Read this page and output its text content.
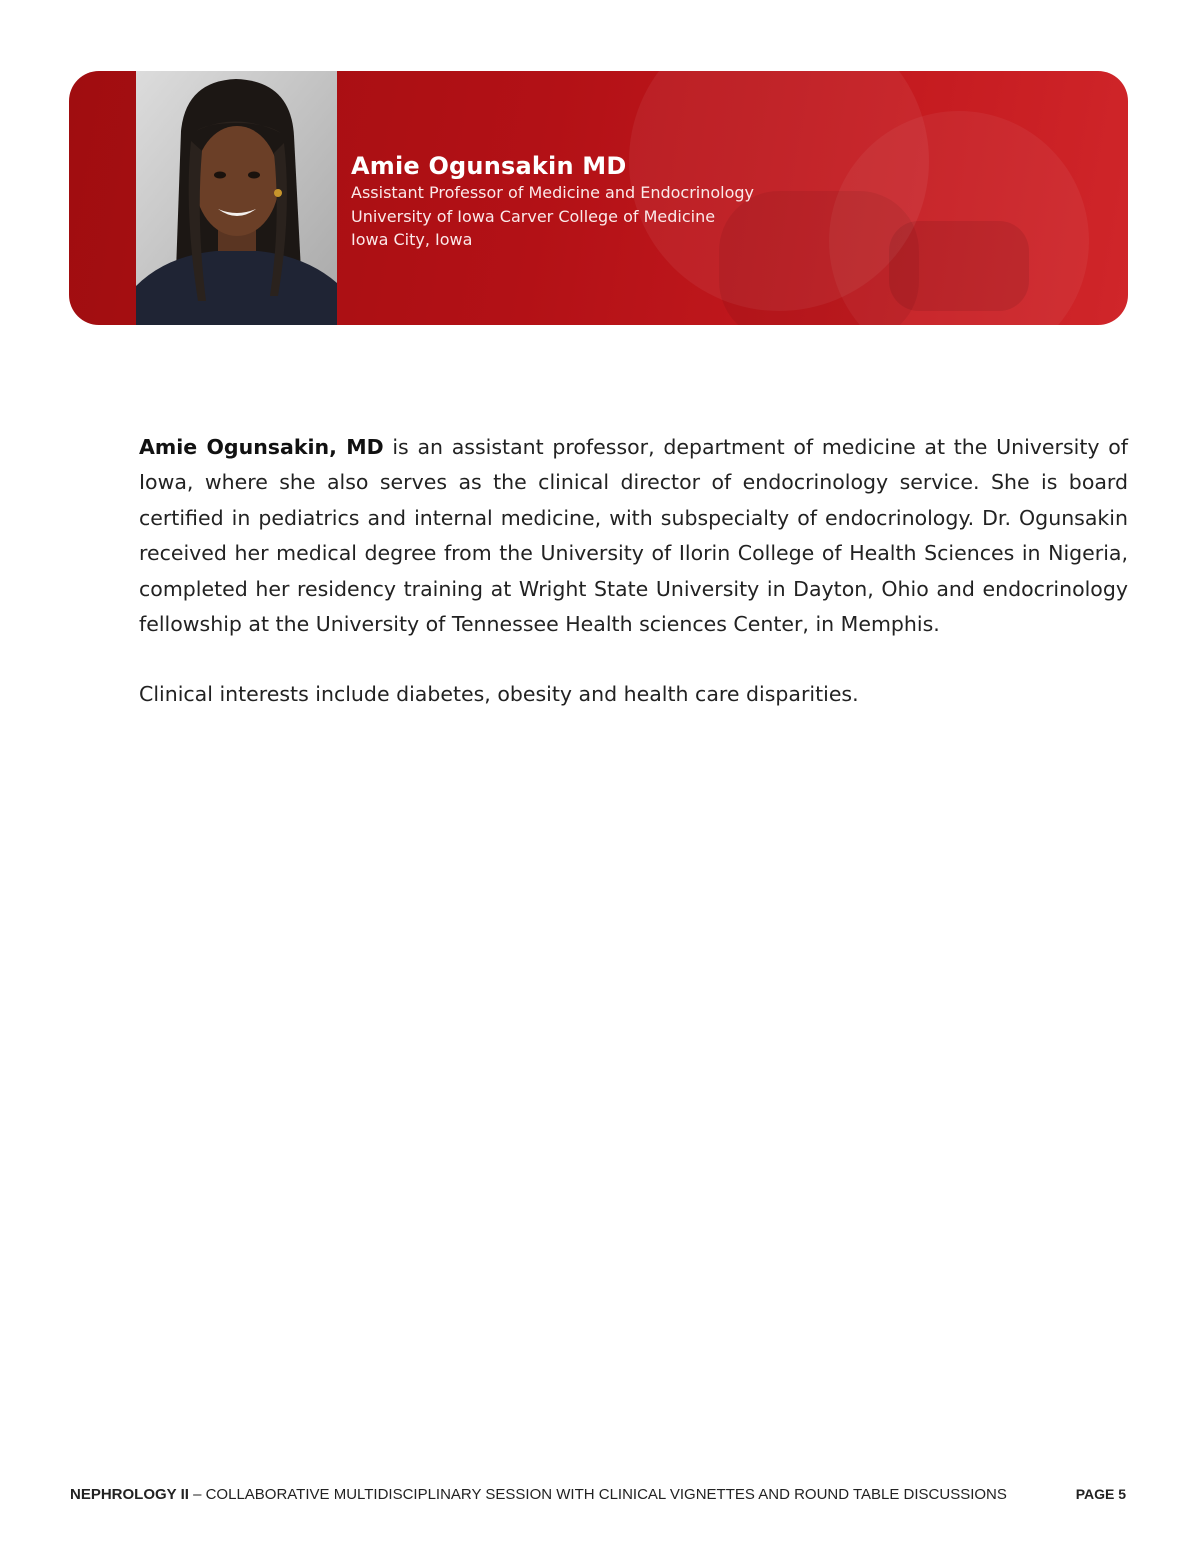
Amie Ogunsakin MD

Assistant Professor of Medicine and Endocrinology

University of Iowa Carver College of Medicine

Iowa City, Iowa

Amie Ogunsakin, MD is an assistant professor, department of medicine at the University of Iowa, where she also serves as the clinical director of endocrinology service. She is board certified in pediatrics and internal medicine, with subspecialty of endocrinology. Dr. Ogunsakin received her medical degree from the University of Ilorin College of Health Sciences in Nigeria, completed her residency training at Wright State University in Dayton, Ohio and endocrinology fellowship at the University of Tennessee Health sciences Center, in Memphis.

Clinical interests include diabetes, obesity and health care disparities.

NEPHROLOGY II – COLLABORATIVE MULTIDISCIPLINARY SESSION WITH CLINICAL VIGNETTES AND ROUND TABLE DISCUSSIONS	PAGE 5
